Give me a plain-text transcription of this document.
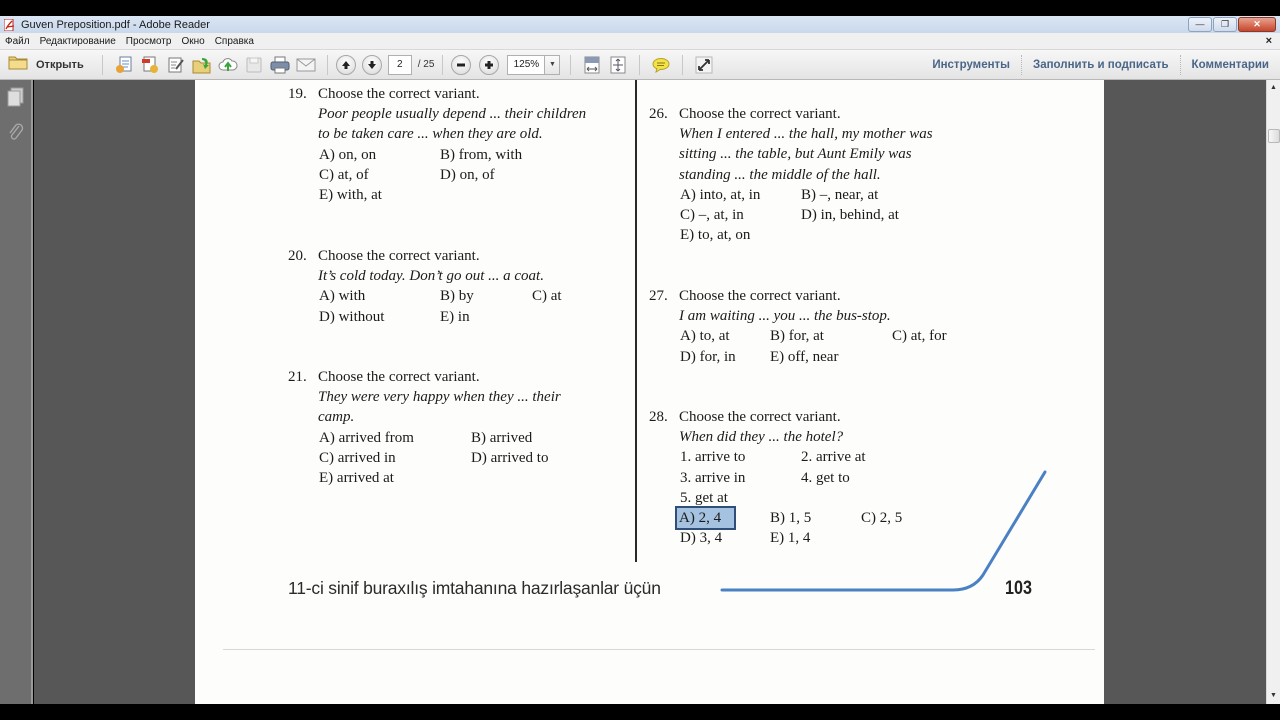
Guven Preposition.pdf - Adobe Reader	— ❐	✕
Файл	Редактирование	Просмотр	Окно	Справка	×
Открыть	2	/ 25	125%	▼	Инструменты	Заполнить и подписать	Комментарии
19. Choose the correct variant.
Poor people usually depend ... their children
to be taken care ... when they are old.
A) on, on	B) from, with
C) at, of	D) on, of
E) with, at
20. Choose the correct variant.
It’s cold today. Don’t go out ... a coat.
A) with	B) by	C) at
D) without	E) in
21. Choose the correct variant.
They were very happy when they ... their
camp.
A) arrived from	B) arrived
C) arrived in	D) arrived to
E) arrived at
26. Choose the correct variant.
When I entered ... the hall, my mother was
sitting ... the table, but Aunt Emily was
standing ... the middle of the hall.
A) into, at, in	B) –, near, at
C) –, at, in	D) in, behind, at
E) to, at, on
27. Choose the correct variant.
I am waiting ... you ... the bus-stop.
A) to, at	B) for, at	C) at, for
D) for, in E) off, near
28. Choose the correct variant.
When did they ... the hotel?
1. arrive to	2. arrive at
3. arrive in	4. get to
5. get at
A) 2, 4	B) 1, 5	C) 2, 5
D) 3, 4	E) 1, 4
11-ci sinif buraxılış imtahanına hazırlaşanlar üçün	103
▲
▼
